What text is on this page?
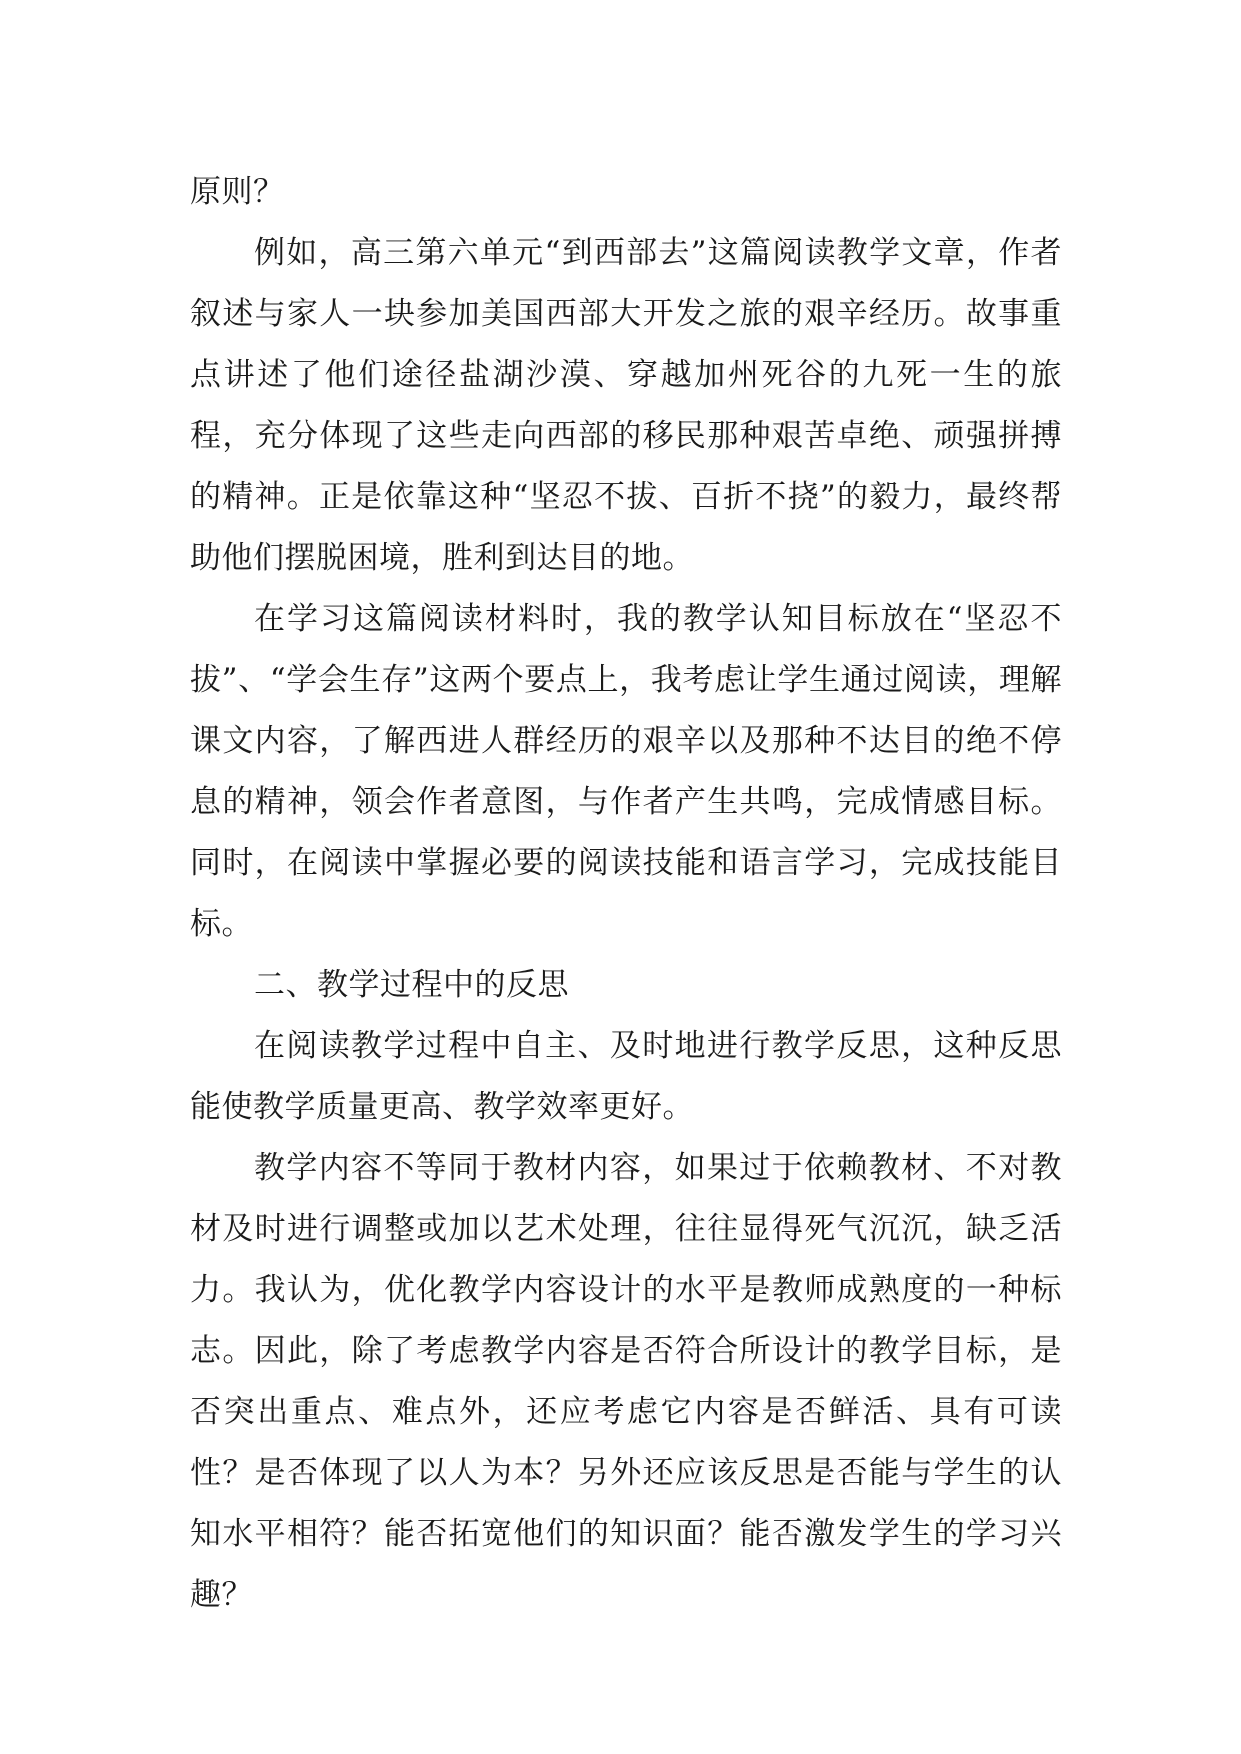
原则？

例如，高三第六单元“到西部去”这篇阅读教学文章，作者叙述与家人一块参加美国西部大开发之旅的艰辛经历。故事重点讲述了他们途径盐湖沙漠、穿越加州死谷的九死一生的旅程，充分体现了这些走向西部的移民那种艰苦卓绝、顽强拼搏的精神。正是依靠这种“坚忍不拔、百折不挠”的毅力，最终帮助他们摆脱困境，胜利到达目的地。

在学习这篇阅读材料时，我的教学认知目标放在“坚忍不拔”、“学会生存”这两个要点上，我考虑让学生通过阅读，理解课文内容，了解西进人群经历的艰辛以及那种不达目的绝不停息的精神，领会作者意图，与作者产生共鸣，完成情感目标。同时，在阅读中掌握必要的阅读技能和语言学习，完成技能目标。

二、教学过程中的反思

在阅读教学过程中自主、及时地进行教学反思，这种反思能使教学质量更高、教学效率更好。

教学内容不等同于教材内容，如果过于依赖教材、不对教材及时进行调整或加以艺术处理，往往显得死气沉沉，缺乏活力。我认为，优化教学内容设计的水平是教师成熟度的一种标志。因此，除了考虑教学内容是否符合所设计的教学目标，是否突出重点、难点外，还应考虑它内容是否鲜活、具有可读性？是否体现了以人为本？另外还应该反思是否能与学生的认知水平相符？能否拓宽他们的知识面？能否激发学生的学习兴趣？
